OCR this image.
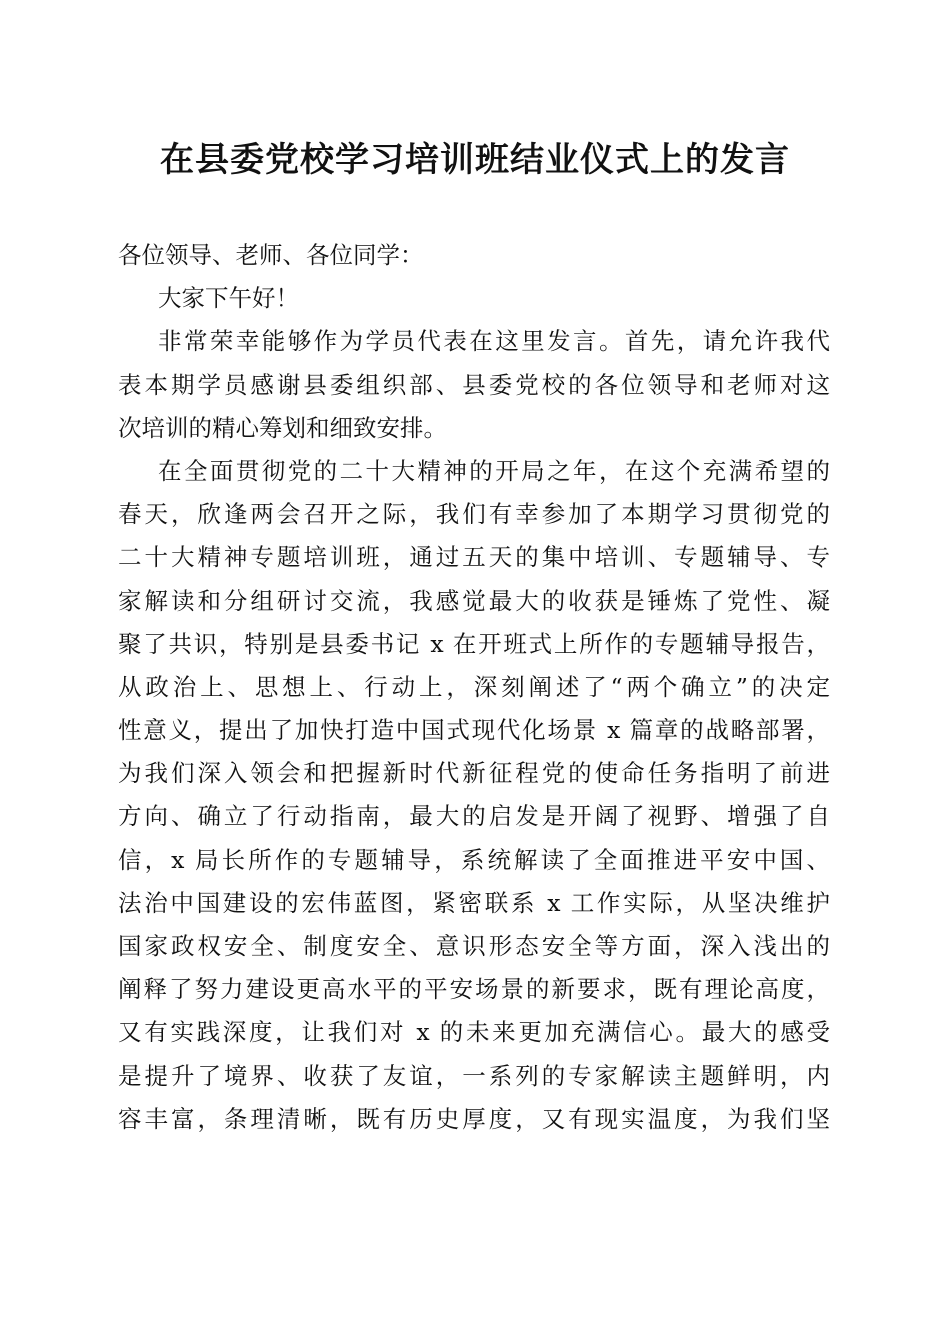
在县委党校学习培训班结业仪式上的发言
各位领导、老师、各位同学：
大家下午好！
非常荣幸能够作为学员代表在这里发言。首先，请允许我代
表本期学员感谢县委组织部、县委党校的各位领导和老师对这
次培训的精心筹划和细致安排。
在全面贯彻党的二十大精神的开局之年，在这个充满希望的
春天，欣逢两会召开之际，我们有幸参加了本期学习贯彻党的
二十大精神专题培训班，通过五天的集中培训、专题辅导、专
家解读和分组研讨交流，我感觉最大的收获是锤炼了党性、凝
聚了共识，特别是县委书记 x 在开班式上所作的专题辅导报告，
从政治上、思想上、行动上，深刻阐述了“两个确立”的决定
性意义，提出了加快打造中国式现代化场景 x 篇章的战略部署，
为我们深入领会和把握新时代新征程党的使命任务指明了前进
方向、确立了行动指南，最大的启发是开阔了视野、增强了自
信，x 局长所作的专题辅导，系统解读了全面推进平安中国、
法治中国建设的宏伟蓝图，紧密联系 x 工作实际，从坚决维护
国家政权安全、制度安全、意识形态安全等方面，深入浅出的
阐释了努力建设更高水平的平安场景的新要求，既有理论高度，
又有实践深度，让我们对 x 的未来更加充满信心。最大的感受
是提升了境界、收获了友谊，一系列的专家解读主题鲜明，内
容丰富，条理清晰，既有历史厚度，又有现实温度，为我们坚
